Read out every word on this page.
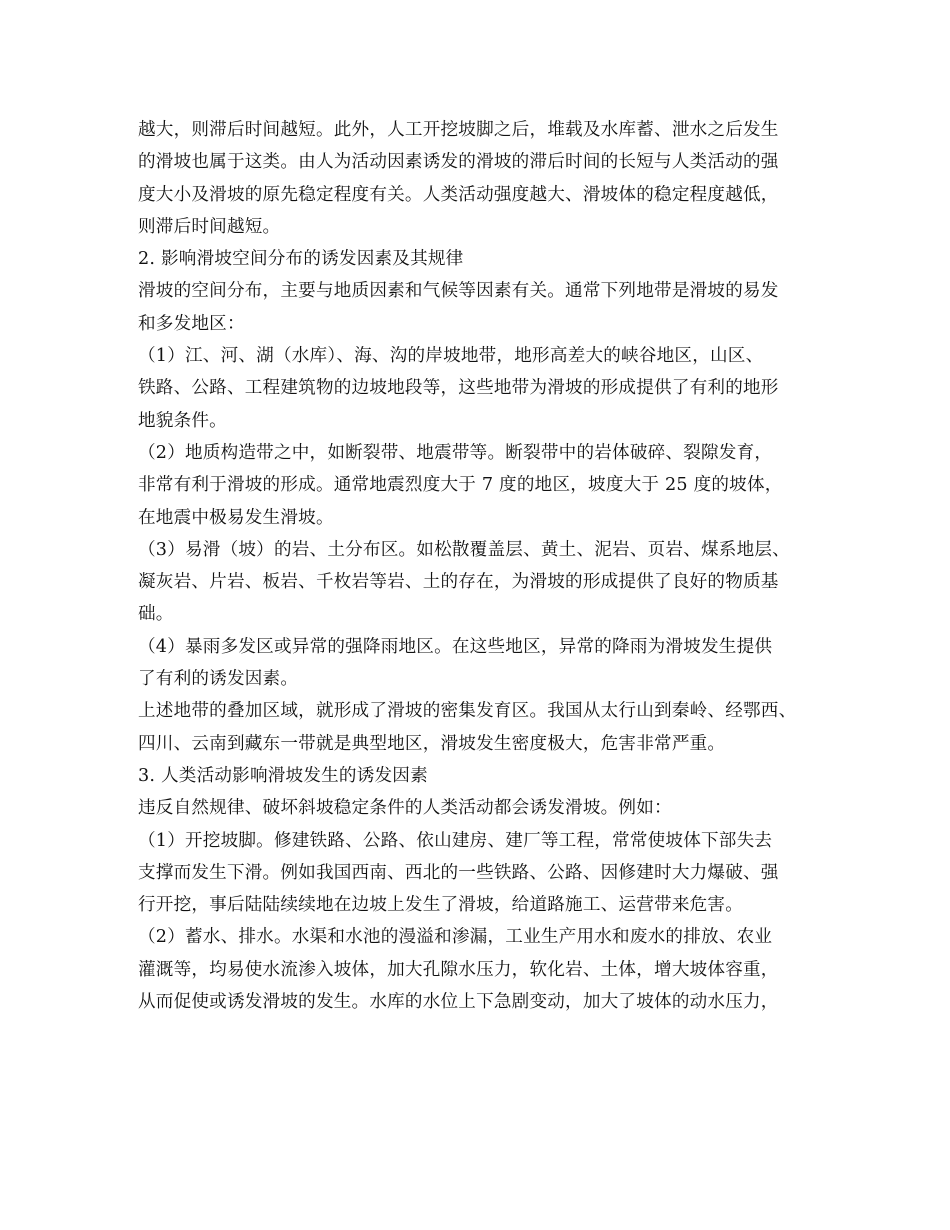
越大，则滞后时间越短。此外，人工开挖坡脚之后，堆载及水库蓄、泄水之后发生
的滑坡也属于这类。由人为活动因素诱发的滑坡的滞后时间的长短与人类活动的强
度大小及滑坡的原先稳定程度有关。人类活动强度越大、滑坡体的稳定程度越低，
则滞后时间越短。
2. 影响滑坡空间分布的诱发因素及其规律
滑坡的空间分布，主要与地质因素和气候等因素有关。通常下列地带是滑坡的易发
和多发地区：
（1）江、河、湖（水库）、海、沟的岸坡地带，地形高差大的峡谷地区，山区、
铁路、公路、工程建筑物的边坡地段等，这些地带为滑坡的形成提供了有利的地形
地貌条件。
（2）地质构造带之中，如断裂带、地震带等。断裂带中的岩体破碎、裂隙发育，
非常有利于滑坡的形成。通常地震烈度大于 7 度的地区，坡度大于 25 度的坡体，
在地震中极易发生滑坡。
（3）易滑（坡）的岩、土分布区。如松散覆盖层、黄土、泥岩、页岩、煤系地层、
凝灰岩、片岩、板岩、千枚岩等岩、土的存在，为滑坡的形成提供了良好的物质基
础。
（4）暴雨多发区或异常的强降雨地区。在这些地区，异常的降雨为滑坡发生提供
了有利的诱发因素。
上述地带的叠加区域，就形成了滑坡的密集发育区。我国从太行山到秦岭、经鄂西、
四川、云南到藏东一带就是典型地区，滑坡发生密度极大，危害非常严重。
3. 人类活动影响滑坡发生的诱发因素
违反自然规律、破坏斜坡稳定条件的人类活动都会诱发滑坡。例如：
（1）开挖坡脚。修建铁路、公路、依山建房、建厂等工程，常常使坡体下部失去
支撑而发生下滑。例如我国西南、西北的一些铁路、公路、因修建时大力爆破、强
行开挖，事后陆陆续续地在边坡上发生了滑坡，给道路施工、运营带来危害。
（2）蓄水、排水。水渠和水池的漫溢和渗漏，工业生产用水和废水的排放、农业
灌溉等，均易使水流渗入坡体，加大孔隙水压力，软化岩、土体，增大坡体容重，
从而促使或诱发滑坡的发生。水库的水位上下急剧变动，加大了坡体的动水压力，
